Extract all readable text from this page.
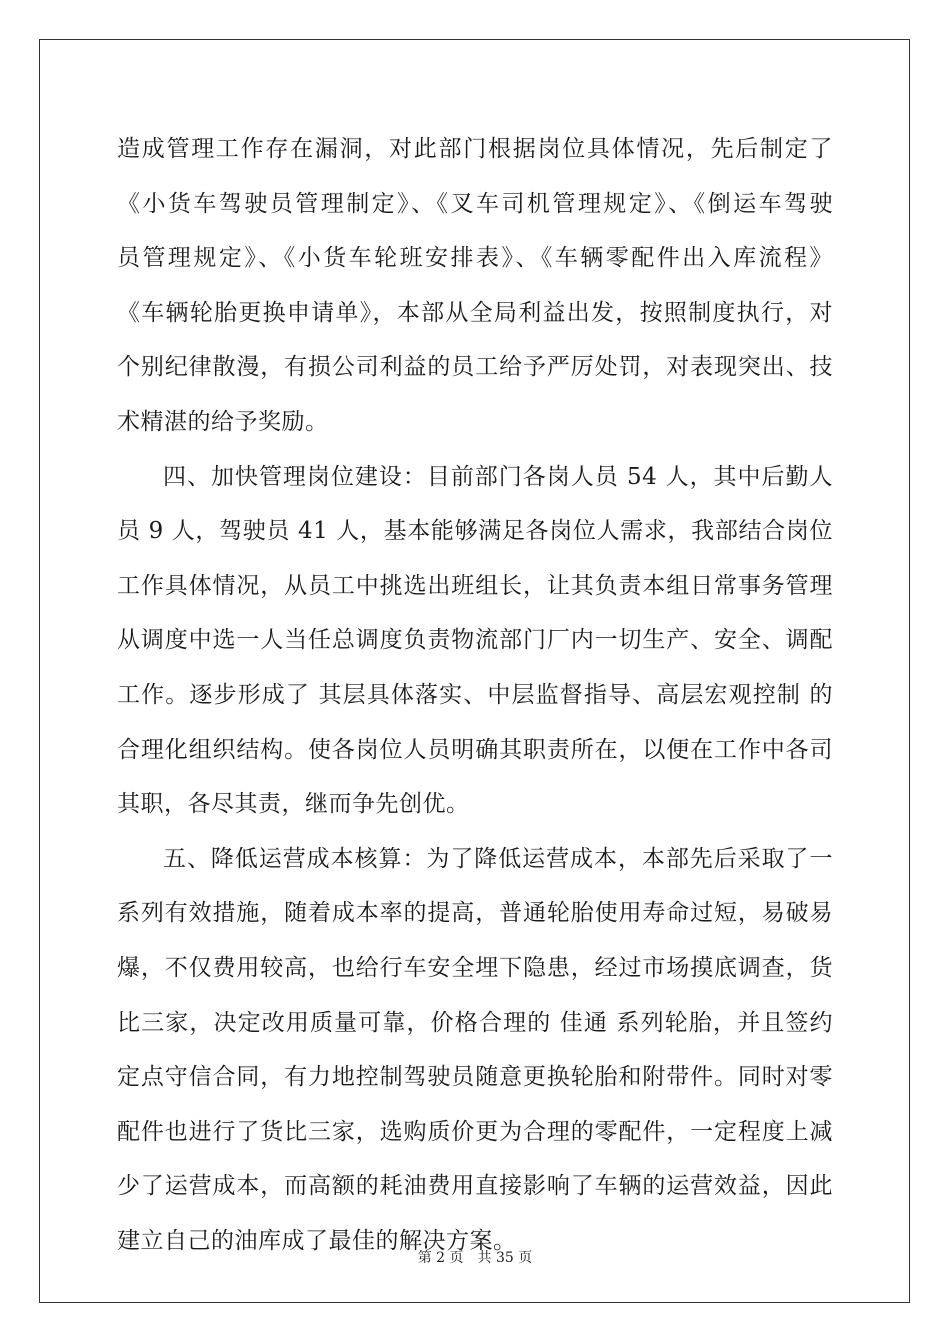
造成管理工作存在漏洞，对此部门根据岗位具体情况，先后制定了
《小货车驾驶员管理制定》、《叉车司机管理规定》、《倒运车驾驶
员管理规定》、《小货车轮班安排表》、《车辆零配件出入库流程》
《车辆轮胎更换申请单》，本部从全局利益出发，按照制度执行，对
个别纪律散漫，有损公司利益的员工给予严厉处罚，对表现突出、技
术精湛的给予奖励。
四、加快管理岗位建设：目前部门各岗人员 54 人，其中后勤人
员 9 人，驾驶员 41 人，基本能够满足各岗位人需求，我部结合岗位
工作具体情况，从员工中挑选出班组长，让其负责本组日常事务管理
从调度中选一人当任总调度负责物流部门厂内一切生产、安全、调配
工作。逐步形成了 其层具体落实、中层监督指导、高层宏观控制 的
合理化组织结构。使各岗位人员明确其职责所在，以便在工作中各司
其职，各尽其责，继而争先创优。
五、降低运营成本核算：为了降低运营成本，本部先后采取了一
系列有效措施，随着成本率的提高，普通轮胎使用寿命过短，易破易
爆，不仅费用较高，也给行车安全埋下隐患，经过市场摸底调查，货
比三家，决定改用质量可靠，价格合理的 佳通 系列轮胎，并且签约
定点守信合同，有力地控制驾驶员随意更换轮胎和附带件。同时对零
配件也进行了货比三家，选购质价更为合理的零配件，一定程度上减
少了运营成本，而高额的耗油费用直接影响了车辆的运营效益，因此
建立自己的油库成了最佳的解决方案。
第 2 页　共 35 页
